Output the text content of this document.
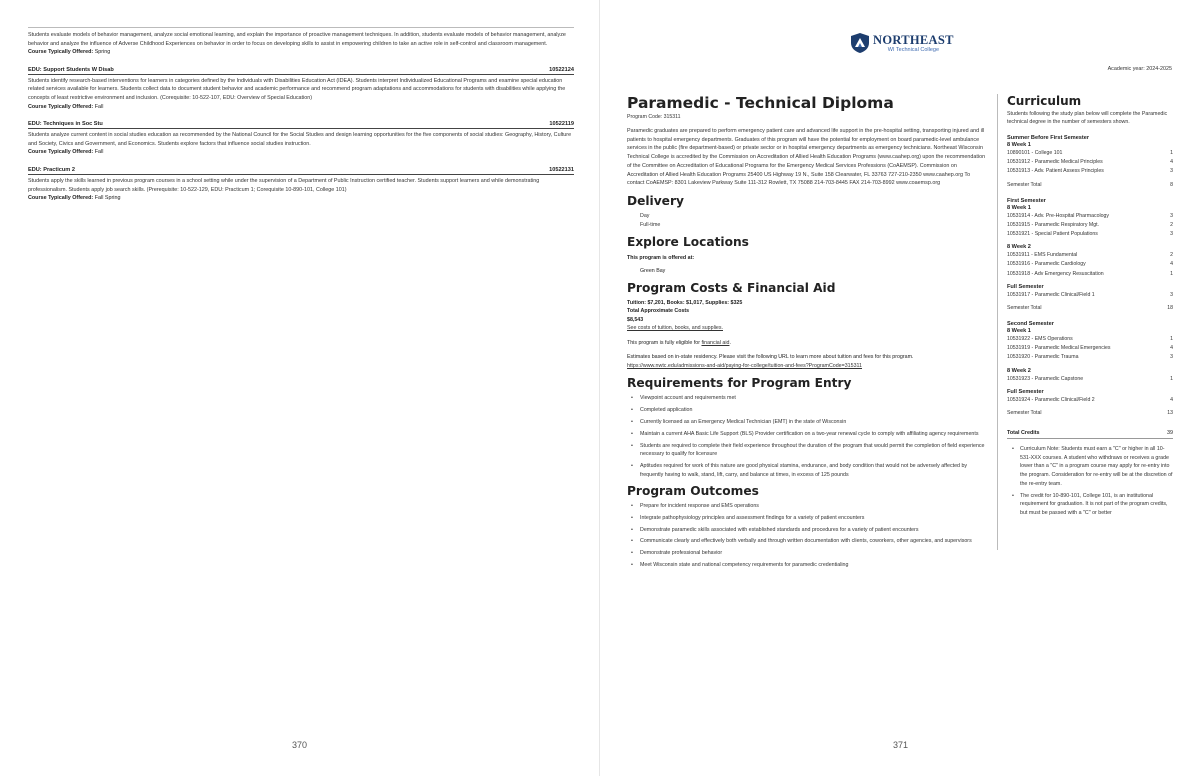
Students evaluate models of behavior management, analyze social emotional learning, and explain the importance of proactive management techniques. In addition, students evaluate models of behavior management, analyze behavior and analyze the influence of Adverse Childhood Experiences on behavior in order to focus on developing skills to assist in empowering children to take an active role in self-control and classroom management.

Course Typically Offered: Spring

EDU: Support Students W Disab	10522124

Students identify research-based interventions for learners in categories defined by the Individuals with Disabilities Education Act (IDEA). Students interpret Individualized Educational Programs and examine special education related services available for learners. Students collect data to document student behavior and academic performance and recommend program adaptations and accommodations for students with disabilities while applying the concepts of least restrictive environment and inclusion. (Corequisite: 10-522-107, EDU: Overview of Special Education)

Course Typically Offered: Fall

EDU: Techniques in Soc Stu	10522119

Students analyze current content in social studies education as recommended by the National Council for the Social Studies and design learning opportunities for the five components of social studies: Geography, History, Culture and Society, Civics and Government, and Economics. Students explore factors that influence social studies instruction.

Course Typically Offered: Fall

EDU: Practicum 2	10522131

Students apply the skills learned in previous program courses in a school setting while under the supervision of a Department of Public Instruction certified teacher. Students support learners and while demonstrating professionalism. Students apply job search skills. (Prerequisite: 10-522-129, EDU: Practicum 1; Corequisite 10-890-101, College 101)

Course Typically Offered: Fall Spring

370
NORTHEAST
WI Technical College
Academic year: 2024-2025
Paramedic - Technical Diploma
Program Code: 315311

Paramedic graduates are prepared to perform emergency patient care and advanced life support in the pre-hospital setting, transporting injured and ill patients to hospital emergency departments. Graduates of this program will have the potential for employment on board paramedic-level ambulance services in the public (fire department-based) or private sector or in hospital emergency departments as emergency technicians. Northeast Wisconsin Technical College is accredited by the Commission on Accreditation of Allied Health Education Programs (www.caahep.org) upon the recommendation of the Committee on Accreditation of Educational Programs for the Emergency Medical Services Professions (CoAEMSP). Commission on Accreditation of Allied Health Education Programs 25400 US Highway 19 N., Suite 158 Clearwater, FL 33763 727-210-2350 www.caahep.org To contact CoAEMSP: 8301 Lakeview Parkway Suite 111-312 Rowlett, TX 75088 214-703-8445 FAX 214-703-8992 www.coaemsp.org

Delivery
Day
Full-time
Explore Locations
This program is offered at:
Green Bay
Program Costs & Financial Aid
Tuition: $7,201, Books: $1,017, Supplies: $325
Total Approximate Costs
$8,543
See costs of tuition, books, and supplies.
This program is fully eligible for financial aid.
Estimates based on in-state residency. Please visit the following URL to learn more about tuition and fees for this program.
https://www.nwtc.edu/admissions-and-aid/paying-for-college/tuition-and-fees?ProgramCode=315311
Requirements for Program Entry
• Viewpoint account and requirements met
• Completed application
• Currently licensed as an Emergency Medical Technician (EMT) in the state of Wisconsin
• Maintain a current AHA Basic Life Support (BLS) Provider certification on a two-year renewal cycle to comply with affiliating agency requirements
• Students are required to complete their field experience throughout the duration of the program that would permit the completion of field experience necessary to qualify for licensure
• Aptitudes required for work of this nature are good physical stamina, endurance, and body condition that would not be adversely affected by frequently having to walk, stand, lift, carry, and balance at times, in excess of 125 pounds
Program Outcomes
• Prepare for incident response and EMS operations
• Integrate pathophysiology principles and assessment findings for a variety of patient encounters
• Demonstrate paramedic skills associated with established standards and procedures for a variety of patient encounters
• Communicate clearly and effectively both verbally and through written documentation with clients, coworkers, other agencies, and supervisors
• Demonstrate professional behavior
• Meet Wisconsin state and national competency requirements for paramedic credentialing
Curriculum

Students following the study plan below will complete the Paramedic technical degree in the number of semesters shown.

Summer Before First Semester
8 Week 1
10890101 - College 101	1
10531912 - Paramedic Medical Principles	4
10531913 - Adv. Patient Assess Principles	3
Semester Total	8
First Semester
8 Week 1
10531914 - Adv. Pre-Hospital Pharmacology	3
10531915 - Paramedic Respiratory Mgt.	2
10531921 - Special Patient Populations	3
8 Week 2
10531911 - EMS Fundamental	2
10531916 - Paramedic Cardiology	4
10531918 - Adv Emergency Resuscitation	1
Full Semester
10531917 - Paramedic Clinical/Field 1	3
Semester Total	18
Second Semester
8 Week 1
10531922 - EMS Operations	1
10531919 - Paramedic Medical Emergencies	4
10531920 - Paramedic Trauma	3
8 Week 2
10531923 - Paramedic Capstone	1
Full Semester
10531924 - Paramedic Clinical/Field 2	4
Semester Total	13
Total Credits	39
• Curriculum Note: Students must earn a "C" or higher in all 10-531-XXX courses. A student who withdraws or receives a grade lower than a "C" in a program course may apply for re-entry into the program. Consideration for re-entry will be at the discretion of the re-entry team.
• The credit for 10-890-101, College 101, is an institutional requirement for graduation. It is not part of the program credits, but must be passed with a "C" or better
371
